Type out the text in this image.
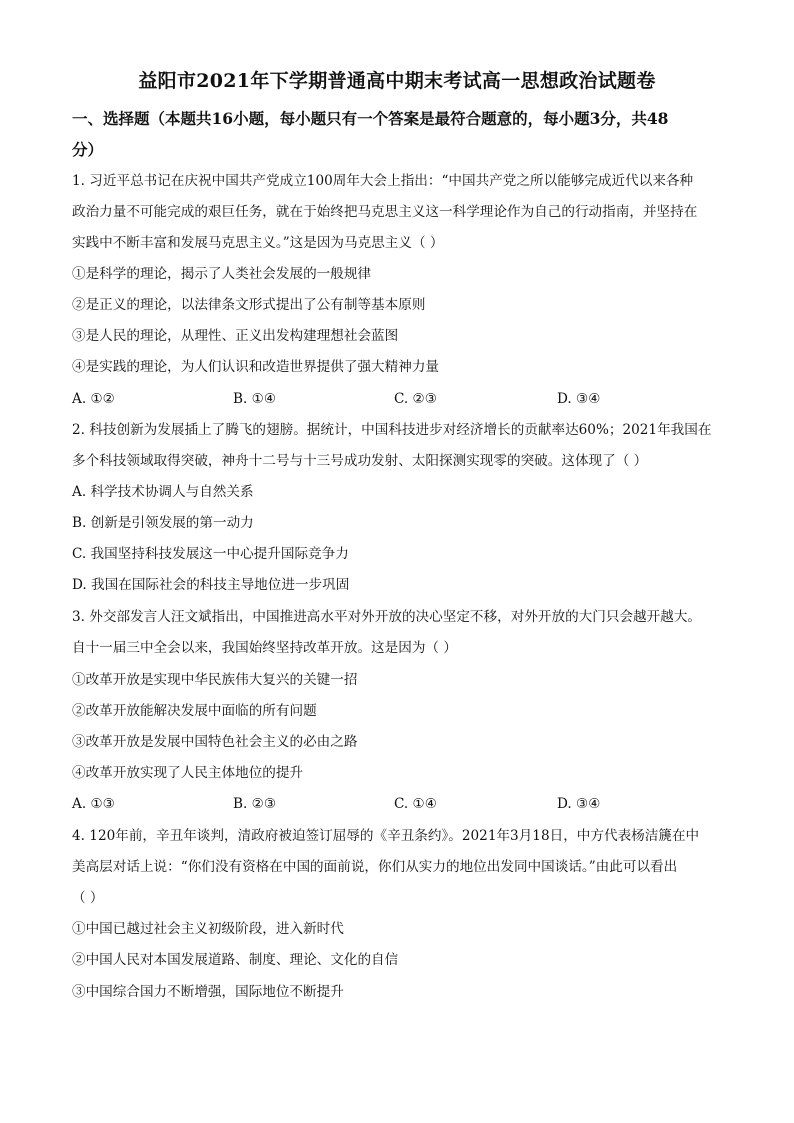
益阳市2021年下学期普通高中期末考试高一思想政治试题卷
一、选择题（本题共16小题，每小题只有一个答案是最符合题意的，每小题3分，共48
分）
1. 习近平总书记在庆祝中国共产党成立100周年大会上指出：“中国共产党之所以能够完成近代以来各种
政治力量不可能完成的艰巨任务，就在于始终把马克思主义这一科学理论作为自己的行动指南，并坚持在
实践中不断丰富和发展马克思主义。”这是因为马克思主义（ ）
①是科学的理论，揭示了人类社会发展的一般规律
②是正义的理论，以法律条文形式提出了公有制等基本原则
③是人民的理论，从理性、正义出发构建理想社会蓝图
④是实践的理论，为人们认识和改造世界提供了强大精神力量
A. ①②	B. ①④	C. ②③	D. ③④
2. 科技创新为发展插上了腾飞的翅膀。据统计，中国科技进步对经济增长的贡献率达60%；2021年我国在
多个科技领域取得突破，神舟十二号与十三号成功发射、太阳探测实现零的突破。这体现了（ ）
A. 科学技术协调人与自然关系
B. 创新是引领发展的第一动力
C. 我国坚持科技发展这一中心提升国际竞争力
D. 我国在国际社会的科技主导地位进一步巩固
3. 外交部发言人汪文斌指出，中国推进高水平对外开放的决心坚定不移，对外开放的大门只会越开越大。
自十一届三中全会以来，我国始终坚持改革开放。这是因为（ ）
①改革开放是实现中华民族伟大复兴的关键一招
②改革开放能解决发展中面临的所有问题
③改革开放是发展中国特色社会主义的必由之路
④改革开放实现了人民主体地位的提升
A. ①③	B. ②③	C. ①④	D. ③④
4. 120年前，辛丑年谈判，清政府被迫签订屈辱的《辛丑条约》。2021年3月18日，中方代表杨洁篪在中
美高层对话上说：“你们没有资格在中国的面前说，你们从实力的地位出发同中国谈话。”由此可以看出
（ ）
①中国已越过社会主义初级阶段，进入新时代
②中国人民对本国发展道路、制度、理论、文化的自信
③中国综合国力不断增强，国际地位不断提升
